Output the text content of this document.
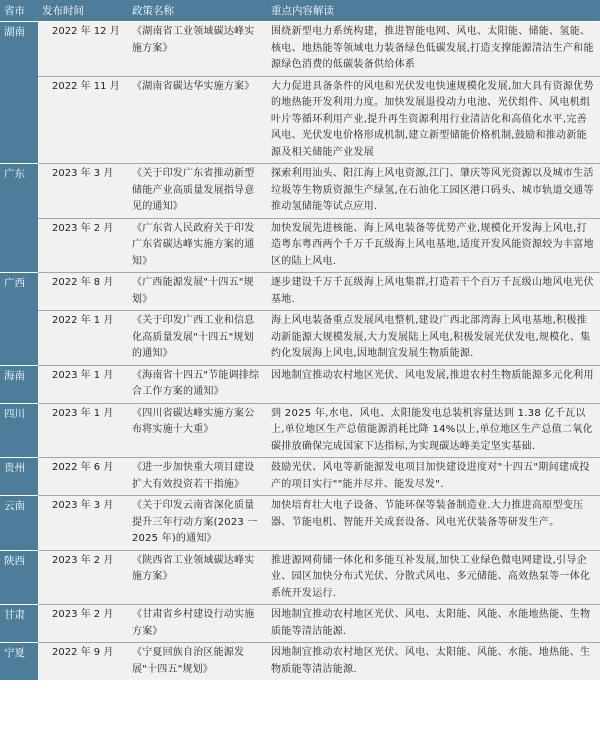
省市	发布时间	政策名称	重点内容解读
湖南	2022 年 12 月	《湖南省工业领域碳达峰实施方案》	围绕新型电力系统构建，推进智能电网、风电、太阳能、储能、氢能、核电、地热能等领域电力装备绿色低碳发展,打造支撑能源清洁生产和能源绿色消费的低碳装备供给体系
	2022 年 11 月	《湖南省碳达华实施方案》	大力促进具备条件的风电和光伏发电快速规模化发展,加大具有资源优势的地热能开发利用力度。加快发展退役动力电池、光伏组件、风电机组叶片等循环利用产业,提升再生资源利用行业清洁化和高值化水平,完善风电、光伏发电价格形成机制,建立新型储能价格机制,鼓励和推动新能源及相关储能产业发展
广东	2023 年 3 月	《关于印发广东省推动新型储能产业高质量发展指导意见的通知》	探索利用汕头、阳江海上风电资源,江门、肇庆等风光资源以及城市生活垃圾等生物质资源生产绿氢,在石油化工园区港口码头、城市轨道交通等推动氢储能等试点应用.
	2023 年 2 月	《广东省人民政府关于印发广东省碳达峰实施方案的通知》	加快发展先进核能、海上风电装备等优势产业,规模化开发海上风电,打造粤东粤西两个千万千瓦级海上风电基地,适度开发风能资源较为丰富地区的陆上风电.
广西	2022 年 8 月	《广西能源发展"十四五"规划》	逐步建设千万千瓦级海上风电集群,打造若干个百万千瓦级山地风电光伏基地.
	2022 年 1 月	《关于印发广西工业和信息化高质量发展"十四五"规划的通知》	海上风电装备重点发展风电整机,建设广西北部湾海上风电基地,积极推动新能源大规模发展,大力发展陆上风电,积极发展光伏发电,规模化、集约化发展海上风电,因地制宜发展生物质能源.
海南	2023 年 1 月	《海南省十四五"节能调排综合工作方案的通知》	因地制宜推动农村地区光伏、风电发展,推进农村生物质能源多元化利用
四川	2023 年 1 月	《四川省碳达峰实施方案公布将实施十大重》	到 2025 年,水电、风电、太阳能发电总装机容量达到 1.38 亿千瓦以上,单位地区生产总值能源消耗比降 14%以上,单位地区生产总值二氧化碳排放确保完成国家下达指标,为实现碳达峰美定坚实基础.
贵州	2022 年 6 月	《进一步加快重大项目建设扩大有效投资若干指施》	鼓励光伏、风电等新能源发电项目加快建设进度对"十四五"期间建成投产的项目实行""能并尽并、能发尽发".
云南	2023 年 3 月	《关于印发云南省深化质量提升三年行动方案(2023 一 2025 年)的通知》	加快培育壮大电子设备、节能环保等装备制造业.大力推进高原型变压器、节能电机、智能开关成套设备、风电光伏装备等研发生产。
陕西	2023 年 2 月	《陕西省工业领域碳达峰实施方案》	推进源网荷储一体化和多能互补发展,加快工业绿色微电网建设,引导企业、园区加快分布式光伏、分散式风电、多元储能、高效热泵等一体化系统开发运行.
甘肃	2023 年 2 月	《甘肃省乡村建设行动实施方案》	因地制宜推动农村地区光伏、风电、太阳能、风能、水能地热能、生物质能等清洁能源.
宁夏	2022 年 9 月	《宁夏回族自治区能源发展"十四五"规划》	因地制宜推动农村地区光伏、风电、太阳能、风能、水能、地热能、生物质能等清洁能源.
